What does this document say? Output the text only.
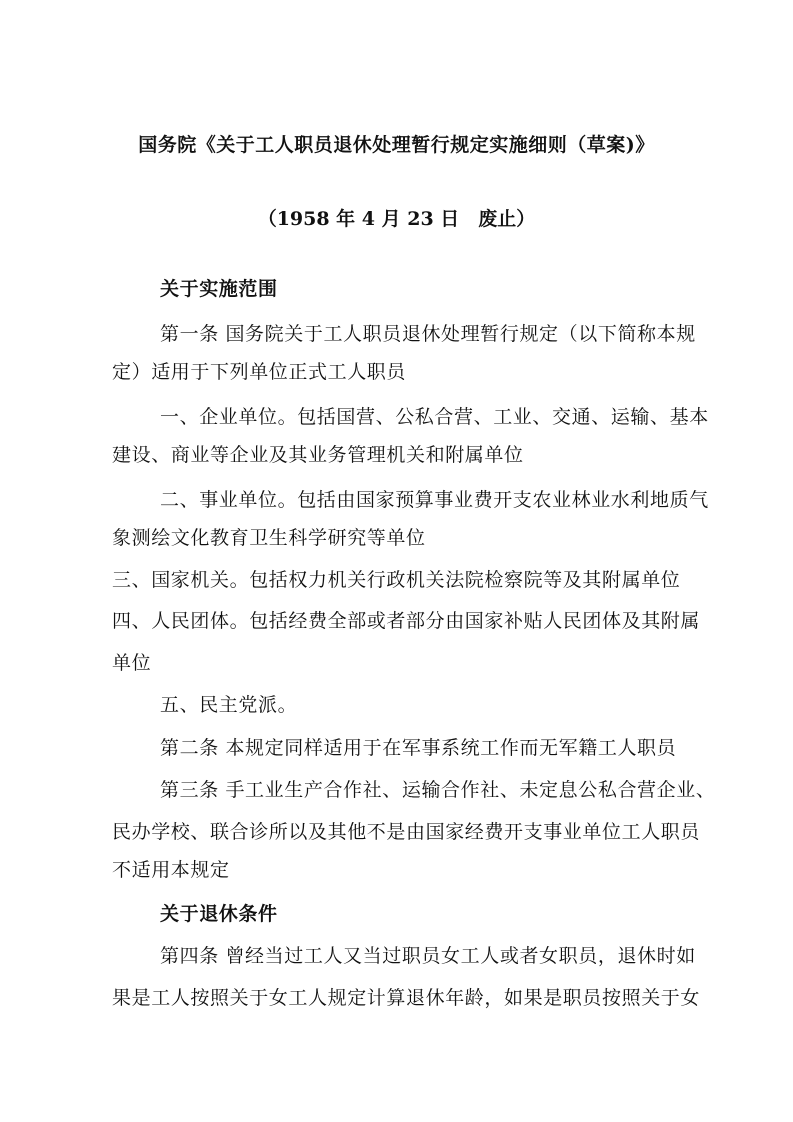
国务院《关于工人职员退休处理暂行规定实施细则（草案)》
（1958 年 4 月 23 日　废止）
关于实施范围
第一条 国务院关于工人职员退休处理暂行规定（以下简称本规
定）适用于下列单位正式工人职员
一、企业单位。包括国营、公私合营、工业、交通、运输、基本
建设、商业等企业及其业务管理机关和附属单位
二、事业单位。包括由国家预算事业费开支农业林业水利地质气
象测绘文化教育卫生科学研究等单位
三、国家机关。包括权力机关行政机关法院检察院等及其附属单位
四、人民团体。包括经费全部或者部分由国家补贴人民团体及其附属
单位
五、民主党派。
第二条 本规定同样适用于在军事系统工作而无军籍工人职员
第三条 手工业生产合作社、运输合作社、未定息公私合营企业、
民办学校、联合诊所以及其他不是由国家经费开支事业单位工人职员
不适用本规定
关于退休条件
第四条 曾经当过工人又当过职员女工人或者女职员，退休时如
果是工人按照关于女工人规定计算退休年龄，如果是职员按照关于女
